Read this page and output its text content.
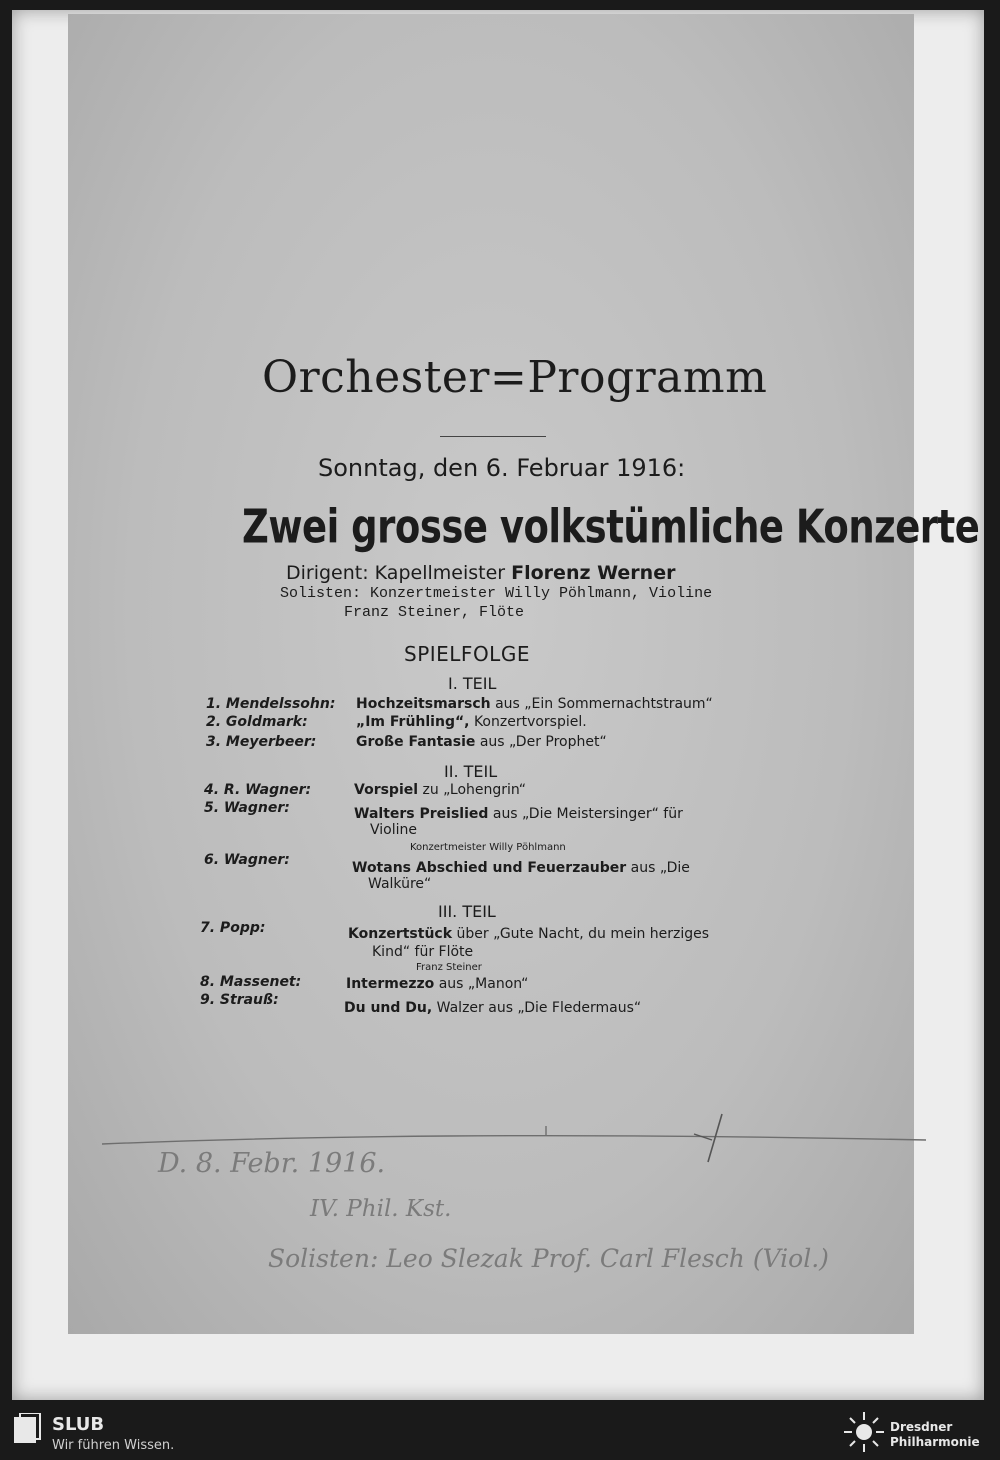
Orchester=Programm
Sonntag, den 6. Februar 1916:
Zwei grosse volkstümliche Konzerte
Dirigent: Kapellmeister Florenz Werner
Solisten: Konzertmeister Willy Pöhlmann, Violine
Franz Steiner, Flöte
SPIELFOLGE
I. TEIL
1. Mendelssohn: Hochzeitsmarsch aus „Ein Sommernachtstraum“
2. Goldmark:	„Im Frühling“, Konzertvorspiel.
3. Meyerbeer:	Große Fantasie aus „Der Prophet“
II. TEIL
4. R. Wagner:	Vorspiel zu „Lohengrin“
5. Wagner:	Walters Preislied aus „Die Meistersinger“ für
Violine
Konzertmeister Willy Pöhlmann
6. Wagner:	Wotans Abschied und Feuerzauber aus „Die
Walküre“
III. TEIL
7. Popp:	Konzertstück über „Gute Nacht, du mein herziges
Kind“ für Flöte
Franz Steiner
8. Massenet:	Intermezzo aus „Manon“
9. Strauß:	Du und Du, Walzer aus „Die Fledermaus“
D. 8. Febr. 1916.
IV. Phil. Kst.
Solisten: Leo Slezak Prof. Carl Flesch (Viol.)
SLUB
Wir führen Wissen.
Dresdner Philharmonie
